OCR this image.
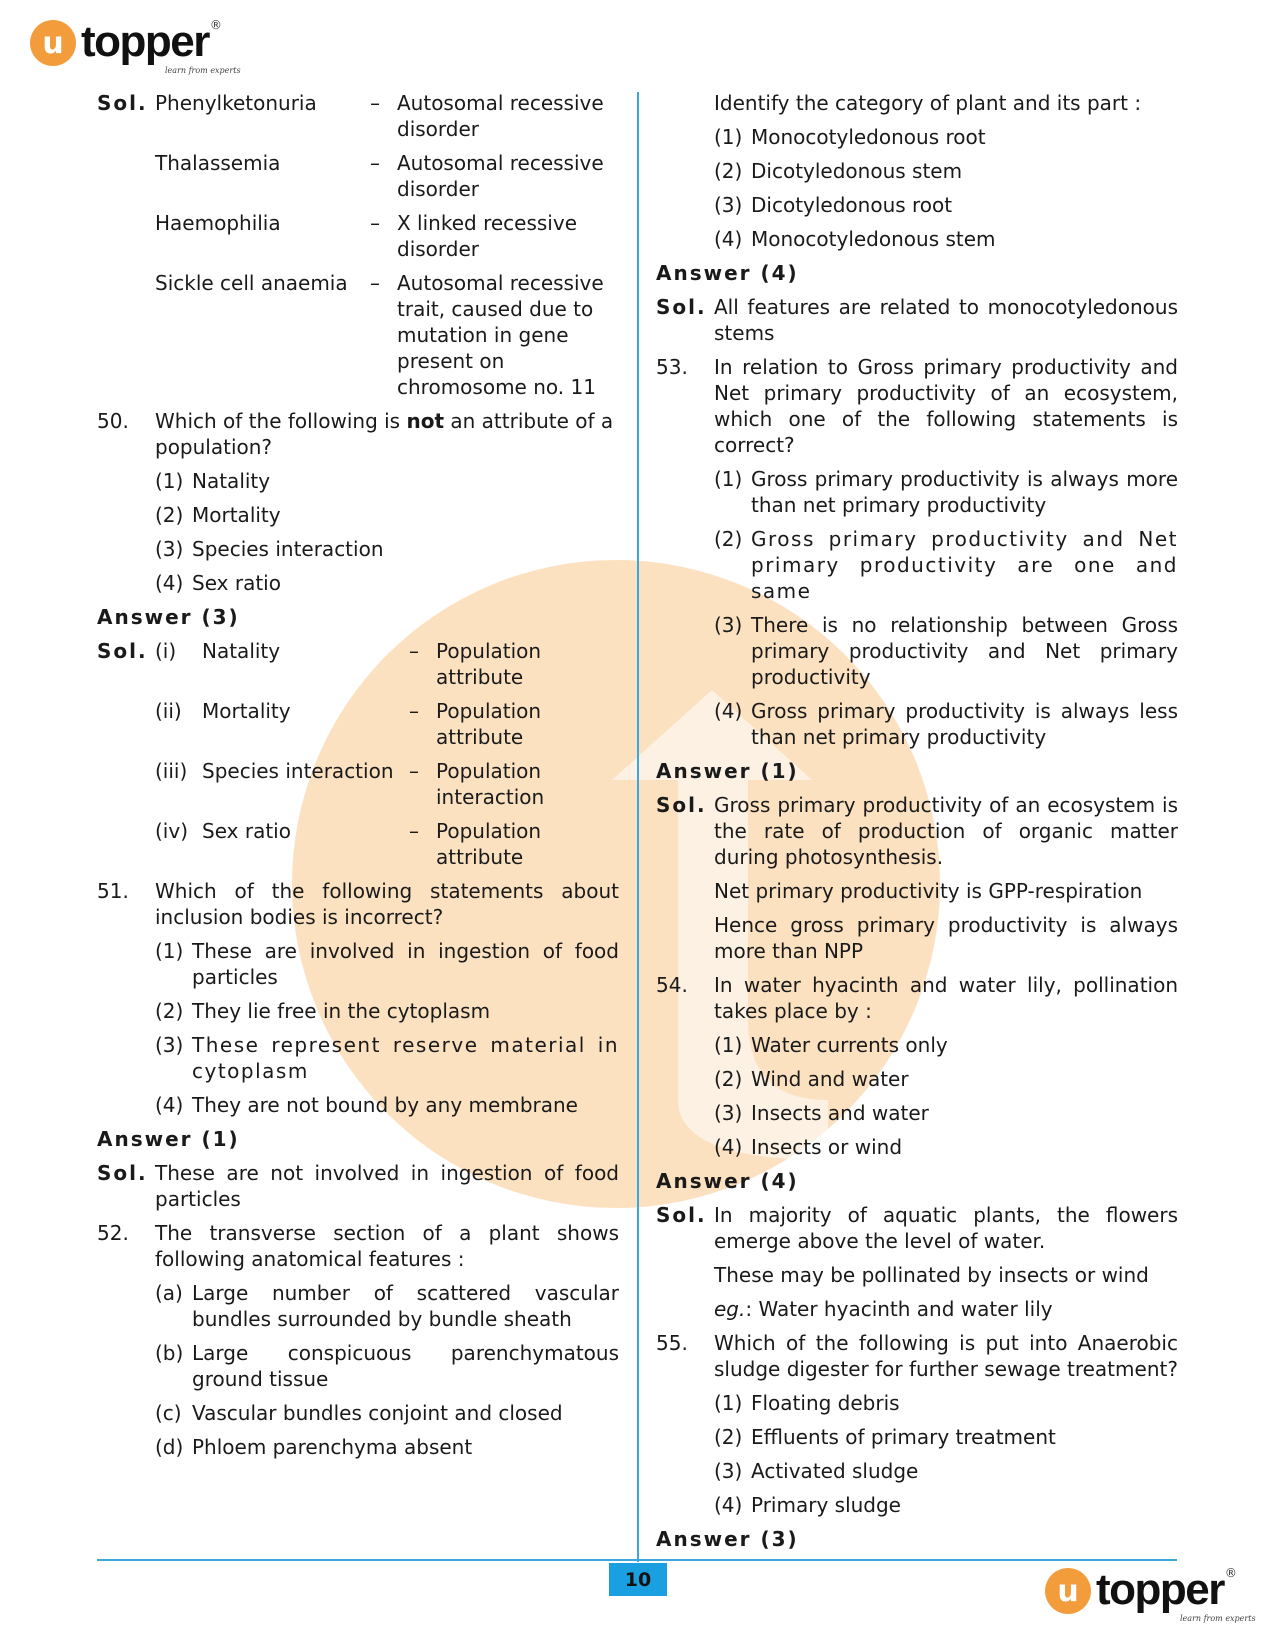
u topper ®
learn from experts
Sol. Phenylketonuria	– Autosomal recessive disorder
Thalassemia	– Autosomal recessive disorder
Haemophilia	– X linked recessive disorder
Sickle cell anaemia	– Autosomal recessive trait, caused due to mutation in gene present on chromosome no. 11
50.	Which of the following is not an attribute of a population?
(1) Natality
(2) Mortality
(3) Species interaction
(4) Sex ratio
Answer (3)
Sol. (i)	Natality	– Population attribute
(ii)	Mortality	– Population attribute
(iii) Species interaction – Population interaction
(iv) Sex ratio	– Population attribute
51.	Which of the following statements about inclusion bodies is incorrect?
(1) These are involved in ingestion of food particles
(2) They lie free in the cytoplasm
(3) These represent reserve material in cytoplasm
(4) They are not bound by any membrane
Answer (1)
Sol. These are not involved in ingestion of food particles
52.	The transverse section of a plant shows following anatomical features :
(a) Large number of scattered vascular bundles surrounded by bundle sheath
(b) Large conspicuous parenchymatous ground tissue
(c) Vascular bundles conjoint and closed
(d) Phloem parenchyma absent
Identify the category of plant and its part :
(1) Monocotyledonous root
(2) Dicotyledonous stem
(3) Dicotyledonous root
(4) Monocotyledonous stem
Answer (4)
Sol. All features are related to monocotyledonous stems
53.	In relation to Gross primary productivity and Net primary productivity of an ecosystem, which one of the following statements is correct?
(1) Gross primary productivity is always more than net primary productivity
(2) Gross primary productivity and Net primary productivity are one and same
(3) There is no relationship between Gross primary productivity and Net primary productivity
(4) Gross primary productivity is always less than net primary productivity
Answer (1)
Sol. Gross primary productivity of an ecosystem is the rate of production of organic matter during photosynthesis.
Net primary productivity is GPP-respiration
Hence gross primary productivity is always more than NPP
54.	In water hyacinth and water lily, pollination takes place by :
(1) Water currents only
(2) Wind and water
(3) Insects and water
(4) Insects or wind
Answer (4)
Sol. In majority of aquatic plants, the flowers emerge above the level of water.
These may be pollinated by insects or wind
eg.: Water hyacinth and water lily
55.	Which of the following is put into Anaerobic sludge digester for further sewage treatment?
(1) Floating debris
(2) Effluents of primary treatment
(3) Activated sludge
(4) Primary sludge
Answer (3)
10	u topper ®
learn from experts
